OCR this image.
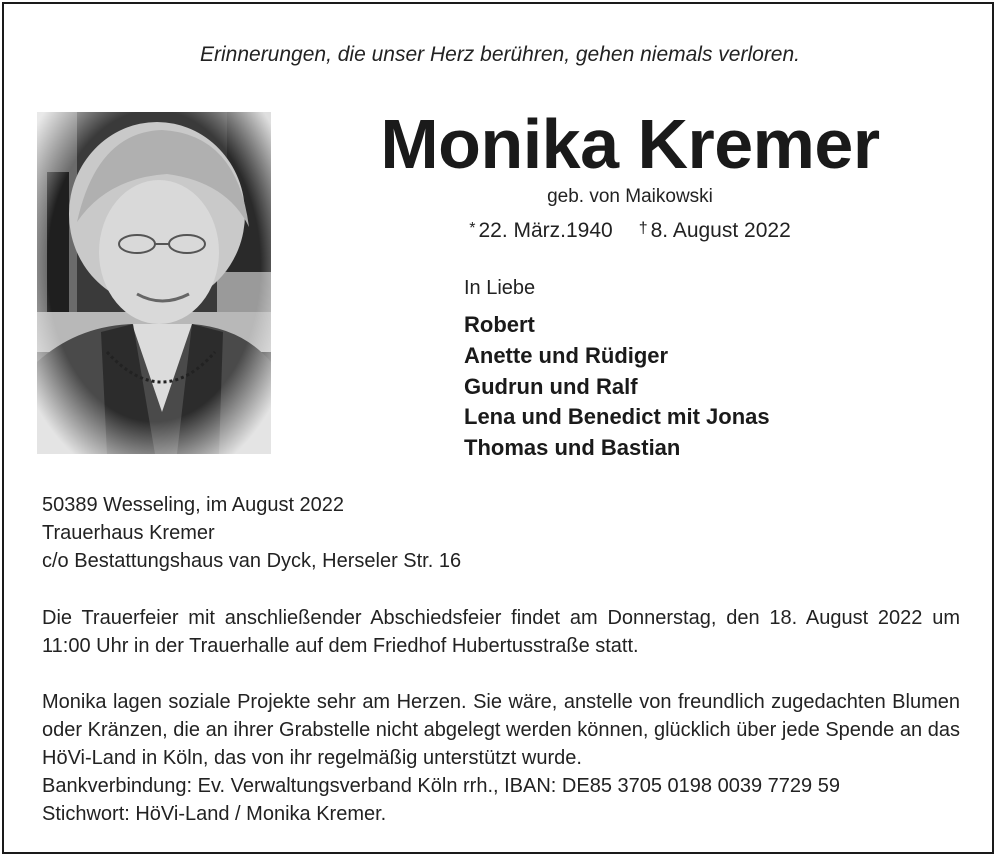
Erinnerungen, die unser Herz berühren, gehen niemals verloren.
Monika Kremer
geb. von Maikowski
* 22. März.1940 † 8. August 2022
In Liebe
Robert
Anette und Rüdiger
Gudrun und Ralf
Lena und Benedict mit Jonas
Thomas und Bastian
50389 Wesseling, im August 2022
Trauerhaus Kremer
c/o Bestattungshaus van Dyck, Herseler Str. 16
Die Trauerfeier mit anschließender Abschiedsfeier findet am Donnerstag, den 18. August 2022 um 11:00 Uhr in der Trauerhalle auf dem Friedhof Hubertusstraße statt.
Monika lagen soziale Projekte sehr am Herzen. Sie wäre, anstelle von freundlich zugedachten Blumen oder Kränzen, die an ihrer Grabstelle nicht abgelegt werden können, glücklich über jede Spende an das HöVi-Land in Köln, das von ihr regelmäßig unterstützt wurde.
Bankverbindung: Ev. Verwaltungsverband Köln rrh., IBAN: DE85 3705 0198 0039 7729 59
Stichwort: HöVi-Land / Monika Kremer.
